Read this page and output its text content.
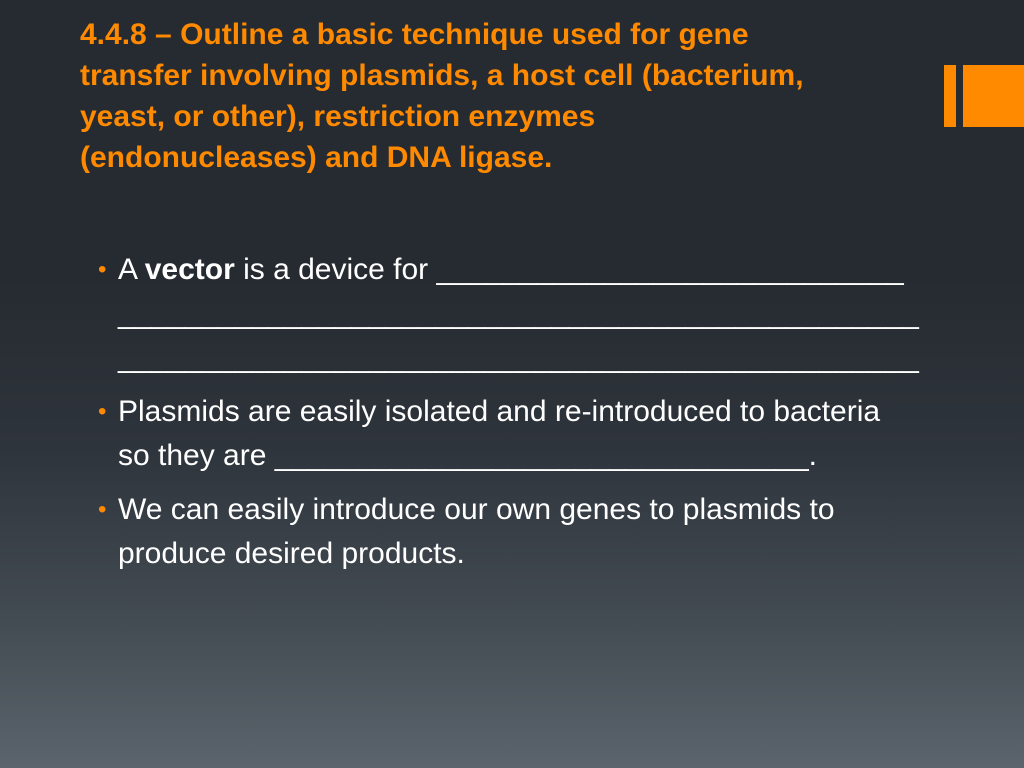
4.4.8 – Outline a basic technique used for gene
transfer involving plasmids, a host cell (bacterium,
yeast, or other), restriction enzymes
(endonucleases) and DNA ligase.
• A vector is a device for ____________________________
________________________________________________
________________________________________________
• Plasmids are easily isolated and re-introduced to bacteria
so they are ________________________________.
• We can easily introduce our own genes to plasmids to
produce desired products.
